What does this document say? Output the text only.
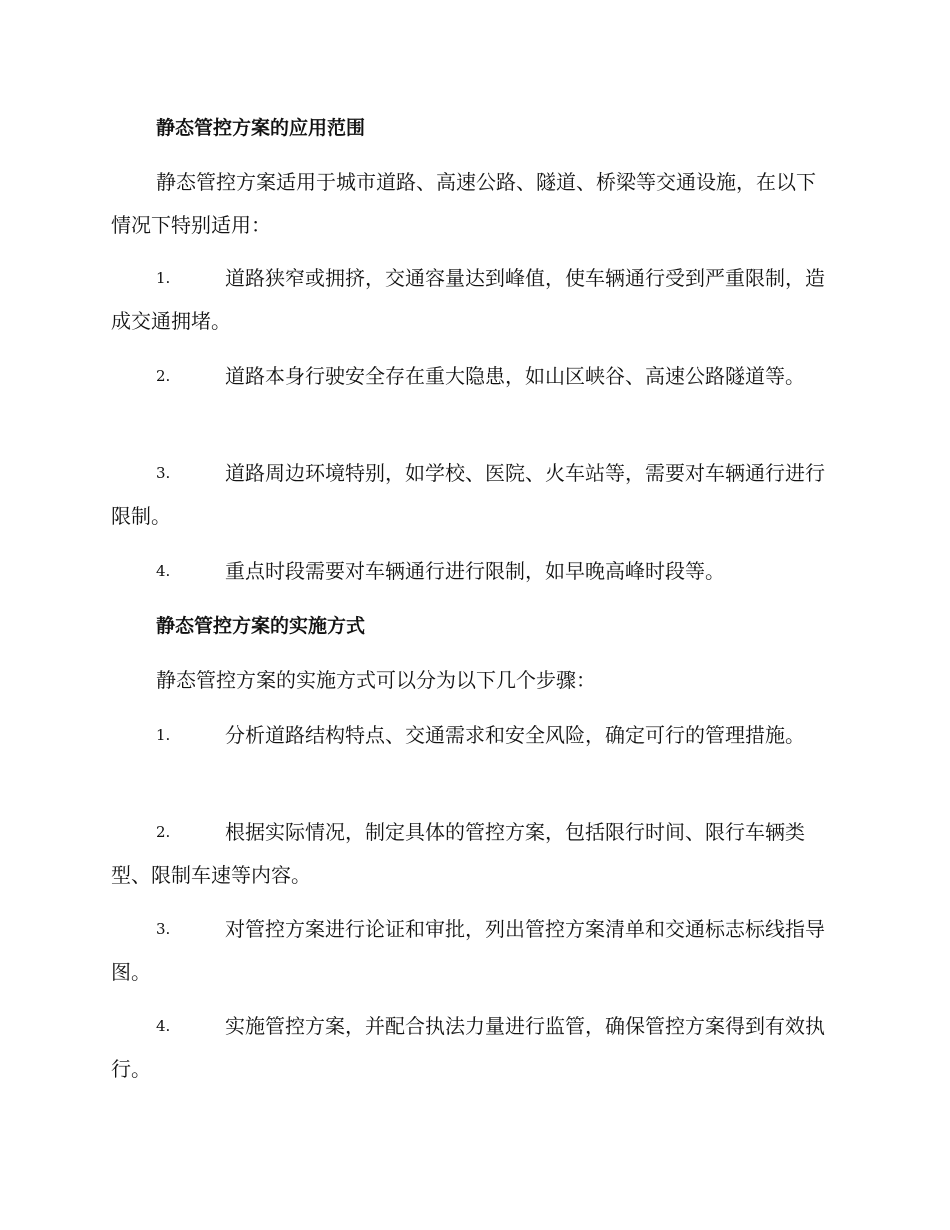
静态管控方案的应用范围
静态管控方案适用于城市道路、高速公路、隧道、桥梁等交通设施，在以下情况下特别适用：
1.	道路狭窄或拥挤，交通容量达到峰值，使车辆通行受到严重限制，造成交通拥堵。
2.	道路本身行驶安全存在重大隐患，如山区峡谷、高速公路隧道等。
3.	道路周边环境特别，如学校、医院、火车站等，需要对车辆通行进行限制。
4.	重点时段需要对车辆通行进行限制，如早晚高峰时段等。
静态管控方案的实施方式
静态管控方案的实施方式可以分为以下几个步骤：
1.	分析道路结构特点、交通需求和安全风险，确定可行的管理措施。
2.	根据实际情况，制定具体的管控方案，包括限行时间、限行车辆类型、限制车速等内容。
3.	对管控方案进行论证和审批，列出管控方案清单和交通标志标线指导图。
4.	实施管控方案，并配合执法力量进行监管，确保管控方案得到有效执行。
